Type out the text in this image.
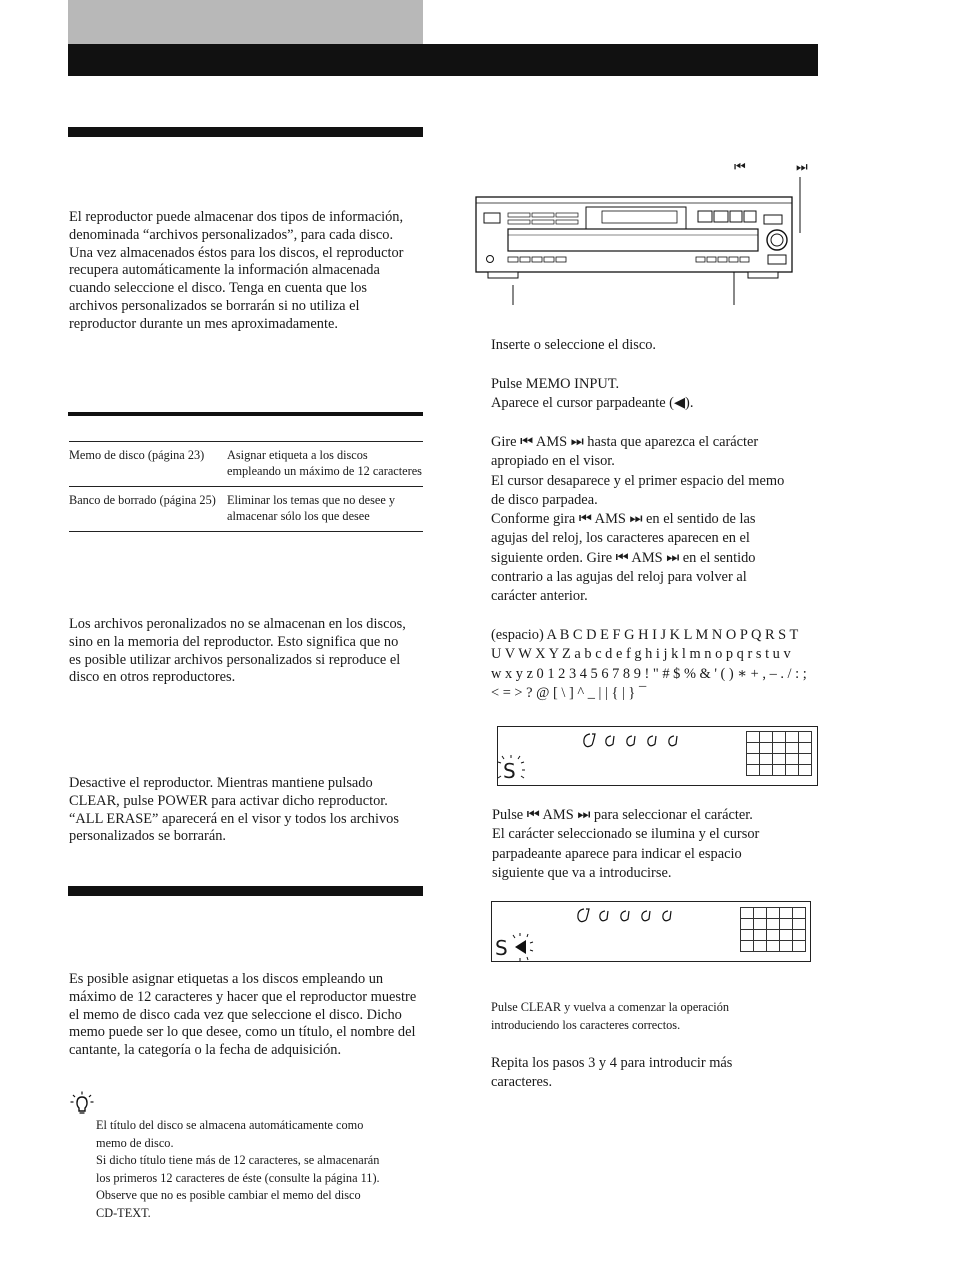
El reproductor puede almacenar dos tipos de información, denominada “archivos personalizados”, para cada disco. Una vez almacenados éstos para los discos, el reproductor recupera automáticamente la información almacenada cuando seleccione el disco. Tenga en cuenta que los archivos personalizados se borrarán si no utiliza el reproductor durante un mes aproximadamente.
Memo de disco (página 23)	Asignar etiqueta a los discos empleando un máximo de 12 caracteres
Banco de borrado (página 25)	Eliminar los temas que no desee y almacenar sólo los que desee
Los archivos peronalizados no se almacenan en los discos, sino en la memoria del reproductor. Esto significa que no es posible utilizar archivos personalizados si reproduce el disco en otros reproductores.
Desactive el reproductor. Mientras mantiene pulsado CLEAR, pulse POWER para activar dicho reproductor. “ALL ERASE” aparecerá en el visor y todos los archivos personalizados se borrarán.
Es posible asignar etiquetas a los discos empleando un máximo de 12 caracteres y hacer que el reproductor muestre el memo de disco cada vez que seleccione el disco. Dicho memo puede ser lo que desee, como un título, el nombre del cantante, la categoría o la fecha de adquisición.
El título del disco se almacena automáticamente como
memo de disco.
Si dicho título tiene más de 12 caracteres, se almacenarán
los primeros 12 caracteres de éste (consulte la página 11).
Observe que no es posible cambiar el memo del disco
CD-TEXT.
⏮	⏭
Inserte o seleccione el disco.
Pulse MEMO INPUT.
Aparece el cursor parpadeante (◀).
Gire ⏮ AMS ⏭ hasta que aparezca el carácter
apropiado en el visor.
El cursor desaparece y el primer espacio del memo
de disco parpadea.
Conforme gira ⏮ AMS ⏭ en el sentido de las
agujas del reloj, los caracteres aparecen en el
siguiente orden. Gire ⏮ AMS ⏭ en el sentido
contrario a las agujas del reloj para volver al
carácter anterior.
(espacio) A B C D E F G H I J K L M N O P Q R S T
U V W X Y Z a b c d e f g h i j k l m n o p q r s t u v
w x y z 0 1 2 3 4 5 6 7 8 9 ! " # $ % & ' ( ) ∗ + , – . / : ;
< = > ? @ [ \ ] ^ _ | | { | } ¯
S

Pulse ⏮ AMS ⏭ para seleccionar el carácter.
El carácter seleccionado se ilumina y el cursor
parpadeante aparece para indicar el espacio
siguiente que va a introducirse.
S

Pulse CLEAR y vuelva a comenzar la operación
introduciendo los caracteres correctos.
Repita los pasos 3 y 4 para introducir más
caracteres.
